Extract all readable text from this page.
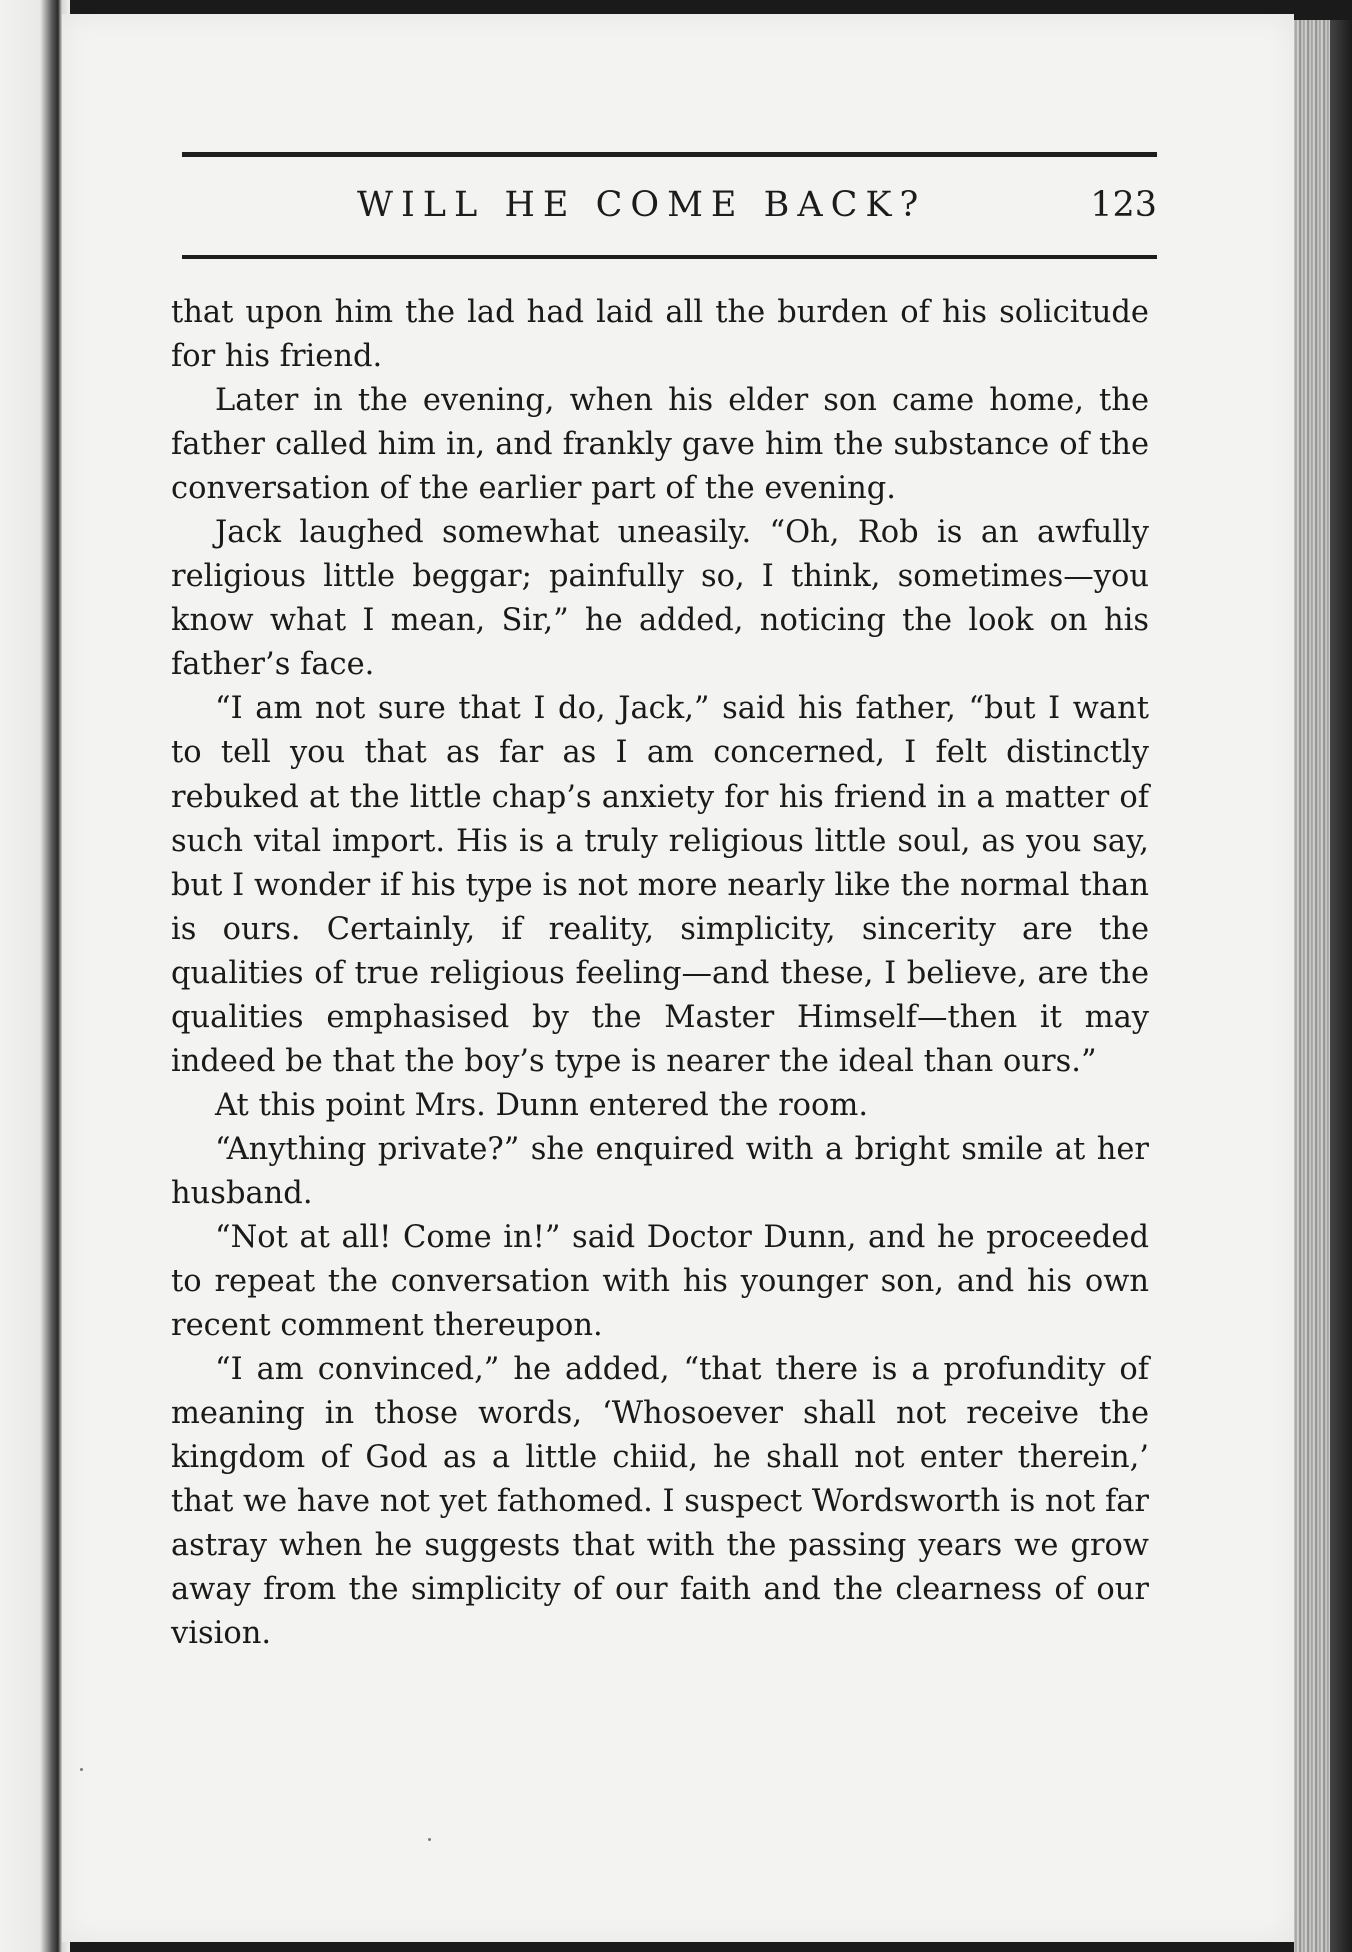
WILL HE COME BACK?	123

that upon him the lad had laid all the burden of his solicitude for his friend.

Later in the evening, when his elder son came home, the father called him in, and frankly gave him the substance of the conversation of the earlier part of the evening.

Jack laughed somewhat uneasily. “Oh, Rob is an awfully religious little beggar; painfully so, I think, sometimes—you know what I mean, Sir,” he added, noticing the look on his father’s face.

“I am not sure that I do, Jack,” said his father, “but I want to tell you that as far as I am concerned, I felt distinctly rebuked at the little chap’s anxiety for his friend in a matter of such vital import. His is a truly religious little soul, as you say, but I wonder if his type is not more nearly like the normal than is ours. Certainly, if reality, simplicity, sincerity are the qualities of true religious feeling—and these, I believe, are the qualities emphasised by the Master Himself—then it may indeed be that the boy’s type is nearer the ideal than ours.”

At this point Mrs. Dunn entered the room.

“Anything private?” she enquired with a bright smile at her husband.

“Not at all! Come in!” said Doctor Dunn, and he proceeded to repeat the conversation with his younger son, and his own recent comment thereupon.

“I am convinced,” he added, “that there is a profundity of meaning in those words, ‘Whosoever shall not receive the kingdom of God as a little chiid, he shall not enter therein,’ that we have not yet fathomed. I suspect Wordsworth is not far astray when he suggests that with the passing years we grow away from the simplicity of our faith and the clearness of our vision.
